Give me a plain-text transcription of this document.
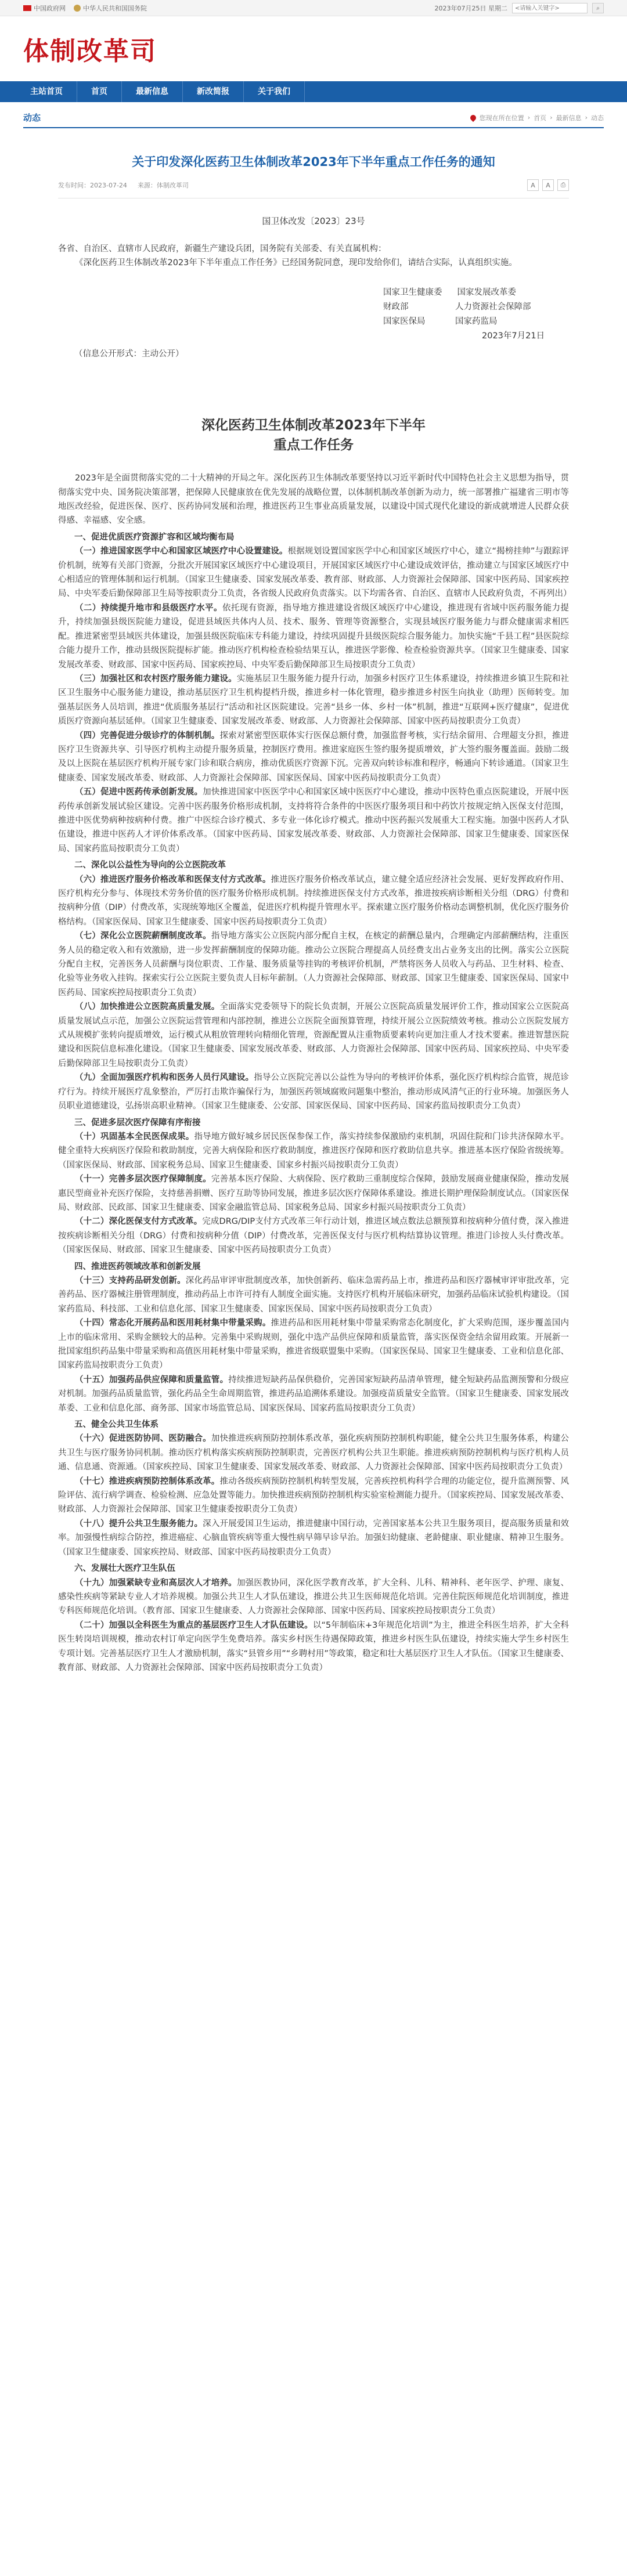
中国政府网	中华人民共和国国务院	2023年07月25日 星期二
<请输入关键字>	⌕
体制改革司
主站首页	首页	最新信息	新改简报	关于我们
动态	您现在所在位置 › 首页 › 最新信息 › 动态
关于印发深化医药卫生体制改革2023年下半年重点工作任务的通知
发布时间：2023-07-24 来源：体制改革司	A	A	⎙
国卫体改发〔2023〕23号
各省、自治区、直辖市人民政府，新疆生产建设兵团，国务院有关部委、有关直属机构：

《深化医药卫生体制改革2023年下半年重点工作任务》已经国务院同意，现印发给你们，请结合实际，认真组织实施。

国家卫生健康委 国家发展改革委
财政部	人力资源社会保障部
国家医保局	国家药监局
2023年7月21日
（信息公开形式：主动公开）
深化医药卫生体制改革2023年下半年
重点工作任务

2023年是全面贯彻落实党的二十大精神的开局之年。深化医药卫生体制改革要坚持以习近平新时代中国特色社会主义思想为指导，贯彻落实党中央、国务院决策部署，把保障人民健康放在优先发展的战略位置，以体制机制改革创新为动力，统一部署推广福建省三明市等地医改经验，促进医保、医疗、医药协同发展和治理，推进医药卫生事业高质量发展，以建设中国式现代化建设的新成就增进人民群众获得感、幸福感、安全感。

一、促进优质医疗资源扩容和区域均衡布局

（一）推进国家医学中心和国家区域医疗中心设置建设。根据规划设置国家医学中心和国家区域医疗中心，建立“揭榜挂帅”与跟踪评价机制，统筹有关部门资源，分批次开展国家区域医疗中心建设项目，开展国家区域医疗中心建设成效评估，推动建立与国家区域医疗中心相适应的管理体制和运行机制。（国家卫生健康委、国家发展改革委、教育部、财政部、人力资源社会保障部、国家中医药局、国家疾控局、中央军委后勤保障部卫生局等按职责分工负责，各省级人民政府负责落实。以下均需各省、自治区、直辖市人民政府负责，不再列出）

（二）持续提升地市和县级医疗水平。依托现有资源，指导地方推进建设省级区域医疗中心建设，推进现有省域中医药服务能力提升，持续加强县级医院能力建设，促进县域医共体内人员、技术、服务、管理等资源整合，实现县域医疗服务能力与群众健康需求相匹配。推进紧密型县域医共体建设，加强县级医院临床专科能力建设，持续巩固提升县级医院综合服务能力。加快实施“千县工程”县医院综合能力提升工作，推动县级医院提标扩能。推动医疗机构检查检验结果互认，推进医学影像、检查检验资源共享。（国家卫生健康委、国家发展改革委、财政部、国家中医药局、国家疾控局、中央军委后勤保障部卫生局按职责分工负责）

（三）加强社区和农村医疗服务能力建设。实施基层卫生服务能力提升行动，加强乡村医疗卫生体系建设，持续推进乡镇卫生院和社区卫生服务中心服务能力建设，推动基层医疗卫生机构提档升级，推进乡村一体化管理，稳步推进乡村医生向执业（助理）医师转变。加强基层医务人员培训，推进“优质服务基层行”活动和社区医院建设。完善“县乡一体、乡村一体”机制，推进“互联网+医疗健康”，促进优质医疗资源向基层延伸。（国家卫生健康委、国家发展改革委、财政部、人力资源社会保障部、国家中医药局按职责分工负责）

（四）完善促进分级诊疗的体制机制。探索对紧密型医联体实行医保总额付费，加强监督考核，实行结余留用、合理超支分担，推进医疗卫生资源共享、引导医疗机构主动提升服务质量，控制医疗费用。推进家庭医生签约服务提质增效，扩大签约服务覆盖面。鼓励二级及以上医院在基层医疗机构开展专家门诊和联合病房，推动优质医疗资源下沉。完善双向转诊标准和程序，畅通向下转诊通道。（国家卫生健康委、国家发展改革委、财政部、人力资源社会保障部、国家医保局、国家中医药局按职责分工负责）

（五）促进中医药传承创新发展。加快推进国家中医医学中心和国家区域中医医疗中心建设，推动中医特色重点医院建设，开展中医药传承创新发展试验区建设。完善中医药服务价格形成机制，支持将符合条件的中医医疗服务项目和中药饮片按规定纳入医保支付范围，推进中医优势病种按病种付费。推广中医综合诊疗模式、多专业一体化诊疗模式。推动中医药振兴发展重大工程实施。加强中医药人才队伍建设，推进中医药人才评价体系改革。（国家中医药局、国家发展改革委、财政部、人力资源社会保障部、国家卫生健康委、国家医保局、国家药监局按职责分工负责）

二、深化以公益性为导向的公立医院改革

（六）推进医疗服务价格改革和医保支付方式改革。推进医疗服务价格改革试点，建立健全适应经济社会发展、更好发挥政府作用、医疗机构充分参与、体现技术劳务价值的医疗服务价格形成机制。持续推进医保支付方式改革，推进按疾病诊断相关分组（DRG）付费和按病种分值（DIP）付费改革，实现统筹地区全覆盖，促进医疗机构提升管理水平。探索建立医疗服务价格动态调整机制，优化医疗服务价格结构。（国家医保局、国家卫生健康委、国家中医药局按职责分工负责）

（七）深化公立医院薪酬制度改革。指导地方落实公立医院内部分配自主权，在核定的薪酬总量内，合理确定内部薪酬结构，注重医务人员的稳定收入和有效激励，进一步发挥薪酬制度的保障功能。推动公立医院合理提高人员经费支出占业务支出的比例。落实公立医院分配自主权，完善医务人员薪酬与岗位职责、工作量、服务质量等挂钩的考核评价机制，严禁将医务人员收入与药品、卫生材料、检查、化验等业务收入挂钩。探索实行公立医院主要负责人目标年薪制。（人力资源社会保障部、财政部、国家卫生健康委、国家医保局、国家中医药局、国家疾控局按职责分工负责）

（八）加快推进公立医院高质量发展。全面落实党委领导下的院长负责制，开展公立医院高质量发展评价工作，推动国家公立医院高质量发展试点示范，加强公立医院运营管理和内部控制，推进公立医院全面预算管理，持续开展公立医院绩效考核。推动公立医院发展方式从规模扩张转向提质增效，运行模式从粗放管理转向精细化管理，资源配置从注重物质要素转向更加注重人才技术要素。推进智慧医院建设和医院信息标准化建设。（国家卫生健康委、国家发展改革委、财政部、人力资源社会保障部、国家中医药局、国家疾控局、中央军委后勤保障部卫生局按职责分工负责）

（九）全面加强医疗机构和医务人员行风建设。指导公立医院完善以公益性为导向的考核评价体系，强化医疗机构综合监管，规范诊疗行为。持续开展医疗乱象整治，严厉打击欺诈骗保行为，加强医药领域腐败问题集中整治，推动形成风清气正的行业环境。加强医务人员职业道德建设，弘扬崇高职业精神。（国家卫生健康委、公安部、国家医保局、国家中医药局、国家药监局按职责分工负责）

三、促进多层次医疗保障有序衔接

（十）巩固基本全民医保成果。指导地方做好城乡居民医保参保工作，落实持续参保激励约束机制，巩固住院和门诊共济保障水平。健全重特大疾病医疗保险和救助制度，完善大病保险和医疗救助制度，推进医疗保障和医疗救助信息共享。推进基本医疗保险省级统筹。（国家医保局、财政部、国家税务总局、国家卫生健康委、国家乡村振兴局按职责分工负责）

（十一）完善多层次医疗保障制度。完善基本医疗保险、大病保险、医疗救助三重制度综合保障，鼓励发展商业健康保险，推动发展惠民型商业补充医疗保险，支持慈善捐赠、医疗互助等协同发展，推进多层次医疗保障体系建设。推进长期护理保险制度试点。（国家医保局、财政部、民政部、国家卫生健康委、国家金融监管总局、国家税务总局、国家乡村振兴局按职责分工负责）

（十二）深化医保支付方式改革。完成DRG/DIP支付方式改革三年行动计划，推进区域点数法总额预算和按病种分值付费，深入推进按疾病诊断相关分组（DRG）付费和按病种分值（DIP）付费改革，完善医保支付与医疗机构结算协议管理。推进门诊按人头付费改革。（国家医保局、财政部、国家卫生健康委、国家中医药局按职责分工负责）

四、推进医药领域改革和创新发展

（十三）支持药品研发创新。深化药品审评审批制度改革，加快创新药、临床急需药品上市，推进药品和医疗器械审评审批改革，完善药品、医疗器械注册管理制度，推动药品上市许可持有人制度全面实施。支持医疗机构开展临床研究，加强药品临床试验机构建设。（国家药监局、科技部、工业和信息化部、国家卫生健康委、国家医保局、国家中医药局按职责分工负责）

（十四）常态化开展药品和医用耗材集中带量采购。推进药品和医用耗材集中带量采购常态化制度化，扩大采购范围，逐步覆盖国内上市的临床常用、采购金额较大的品种。完善集中采购规则，强化中选产品供应保障和质量监管，落实医保资金结余留用政策。开展新一批国家组织药品集中带量采购和高值医用耗材集中带量采购，推进省级联盟集中采购。（国家医保局、国家卫生健康委、工业和信息化部、国家药监局按职责分工负责）

（十五）加强药品供应保障和质量监管。持续推进短缺药品保供稳价，完善国家短缺药品清单管理，健全短缺药品监测预警和分级应对机制。加强药品质量监管，强化药品全生命周期监管，推进药品追溯体系建设。加强疫苗质量安全监管。（国家卫生健康委、国家发展改革委、工业和信息化部、商务部、国家市场监管总局、国家医保局、国家药监局按职责分工负责）

五、健全公共卫生体系

（十六）促进医防协同、医防融合。加快推进疾病预防控制体系改革，强化疾病预防控制机构职能，健全公共卫生服务体系，构建公共卫生与医疗服务协同机制。推动医疗机构落实疾病预防控制职责，完善医疗机构公共卫生职能。推进疾病预防控制机构与医疗机构人员通、信息通、资源通。（国家疾控局、国家卫生健康委、国家发展改革委、财政部、人力资源社会保障部、国家中医药局按职责分工负责）

（十七）推进疾病预防控制体系改革。推动各级疾病预防控制机构转型发展，完善疾控机构科学合理的功能定位，提升监测预警、风险评估、流行病学调查、检验检测、应急处置等能力。加快推进疾病预防控制机构实验室检测能力提升。（国家疾控局、国家发展改革委、财政部、人力资源社会保障部、国家卫生健康委按职责分工负责）

（十八）提升公共卫生服务能力。深入开展爱国卫生运动，推进健康中国行动，完善国家基本公共卫生服务项目，提高服务质量和效率。加强慢性病综合防控，推进癌症、心脑血管疾病等重大慢性病早筛早诊早治。加强妇幼健康、老龄健康、职业健康、精神卫生服务。（国家卫生健康委、国家疾控局、财政部、国家中医药局按职责分工负责）

六、发展壮大医疗卫生队伍

（十九）加强紧缺专业和高层次人才培养。加强医教协同，深化医学教育改革，扩大全科、儿科、精神科、老年医学、护理、康复、感染性疾病等紧缺专业人才培养规模。加强公共卫生人才队伍建设，推进公共卫生医师规范化培训。完善住院医师规范化培训制度，推进专科医师规范化培训。（教育部、国家卫生健康委、人力资源社会保障部、国家中医药局、国家疾控局按职责分工负责）

（二十）加强以全科医生为重点的基层医疗卫生人才队伍建设。以“5年制临床+3年规范化培训”为主，推进全科医生培养，扩大全科医生转岗培训规模，推动农村订单定向医学生免费培养。落实乡村医生待遇保障政策，推进乡村医生队伍建设，持续实施大学生乡村医生专项计划。完善基层医疗卫生人才激励机制，落实“县管乡用”“乡聘村用”等政策，稳定和壮大基层医疗卫生人才队伍。（国家卫生健康委、教育部、财政部、人力资源社会保障部、国家中医药局按职责分工负责）
